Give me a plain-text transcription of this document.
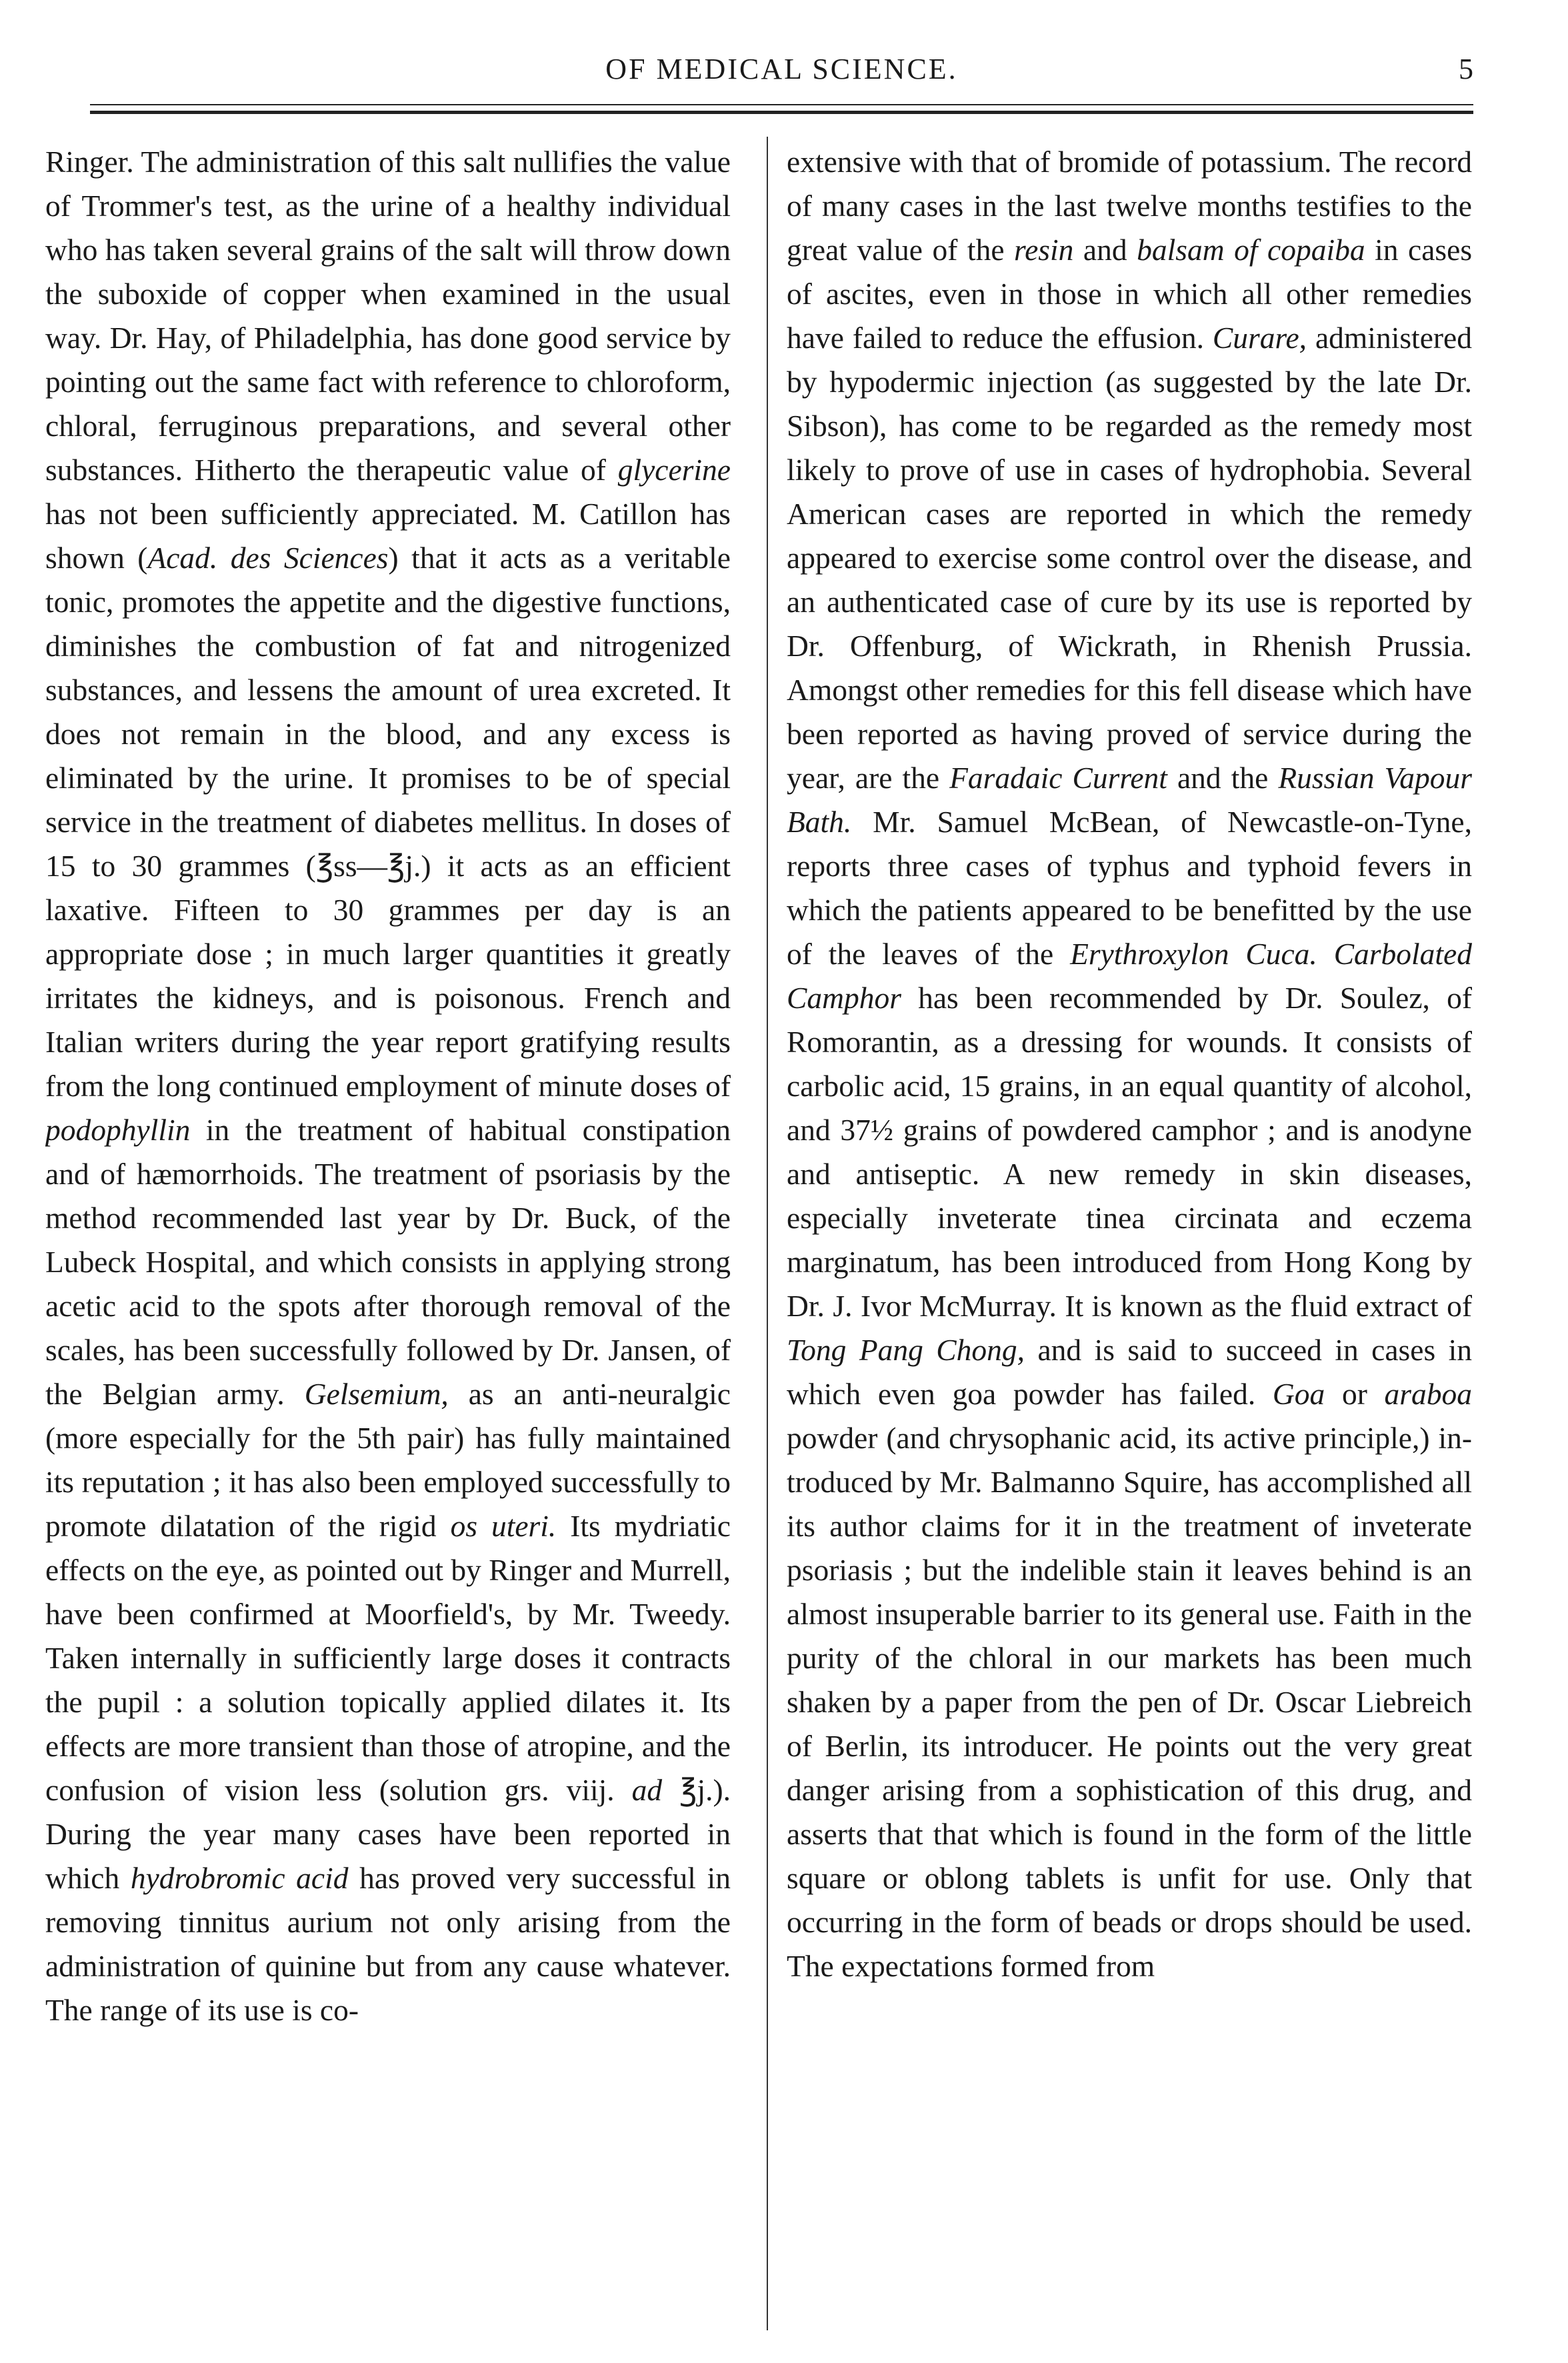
OF MEDICAL SCIENCE.	5

Ringer. The administration of this salt nullifies the value of Trommer's test, as the urine of a healthy individual who has taken several grains of the salt will throw down the suboxide of copper when examined in the usual way. Dr. Hay, of Philadelphia, has done good service by pointing out the same fact with reference to chloroform, chloral, ferruginous preparations, and several other substances. Hitherto the therapeutic value of glycerine has not been sufficiently appreciated. M. Catillon has shown (Acad. des Sciences) that it acts as a veritable tonic, promotes the appetite and the digestive functions, diminishes the combustion of fat and nitrogenized substances, and lessens the amount of urea excreted. It does not remain in the blood, and any excess is eliminated by the urine. It promises to be of special service in the treatment of diabetes mellitus. In doses of 15 to 30 grammes (℥ss—℥j.) it acts as an efficient laxative. Fifteen to 30 grammes per day is an appropriate dose ; in much larger quantities it greatly irritates the kidneys, and is poisonous. French and Italian writers during the year report gratifying results from the long continued employment of minute doses of podophyllin in the treatment of habitual constipation and of hæmorrhoids. The treatment of psoriasis by the method recommended last year by Dr. Buck, of the Lubeck Hospital, and which consists in applying strong acetic acid to the spots after thorough removal of the scales, has been successfully followed by Dr. Jansen, of the Belgian army. Gelsemium, as an anti-neuralgic (more especially for the 5th pair) has fully maintained its reputation ; it has also been employed successfully to promote dilatation of the rigid os uteri. Its mydriatic effects on the eye, as pointed out by Ringer and Murrell, have been confirmed at Moorfield's, by Mr. Tweedy. Taken internally in sufficiently large doses it contracts the pupil : a solution topically applied dilates it. Its effects are more transient than those of atropine, and the confusion of vision less (solution grs. viij. ad ℥j.). During the year many cases have been reported in which hydrobromic acid has proved very successful in removing tinnitus aurium not only arising from the administration of quinine but from any cause whatever. The range of its use is co-

extensive with that of bromide of potassium. The record of many cases in the last twelve months testifies to the great value of the resin and balsam of copaiba in cases of ascites, even in those in which all other remedies have failed to reduce the effusion. Curare, administered by hypodermic injection (as suggested by the late Dr. Sibson), has come to be regarded as the remedy most likely to prove of use in cases of hydrophobia. Several American cases are reported in which the remedy appeared to exercise some control over the disease, and an authenticated case of cure by its use is reported by Dr. Offenburg, of Wickrath, in Rhenish Prussia. Amongst other remedies for this fell disease which have been reported as having proved of service during the year, are the Faradaic Current and the Russian Vapour Bath. Mr. Samuel McBean, of Newcastle-on-Tyne, reports three cases of typhus and typhoid fevers in which the patients appeared to be benefitted by the use of the leaves of the Erythroxylon Cuca. Carbolated Camphor has been recommended by Dr. Soulez, of Romorantin, as a dressing for wounds. It consists of carbolic acid, 15 grains, in an equal quantity of alcohol, and 37½ grains of powdered camphor ; and is anodyne and antiseptic. A new remedy in skin diseases, especially inveterate tinea circinata and eczema marginatum, has been introduced from Hong Kong by Dr. J. Ivor McMurray. It is known as the fluid extract of Tong Pang Chong, and is said to succeed in cases in which even goa powder has failed. Goa or araboa powder (and chrysophanic acid, its active principle,) introduced by Mr. Balmanno Squire, has accomplished all its author claims for it in the treatment of inveterate psoriasis ; but the indelible stain it leaves behind is an almost insuperable barrier to its general use. Faith in the purity of the chloral in our markets has been much shaken by a paper from the pen of Dr. Oscar Liebreich of Berlin, its introducer. He points out the very great danger arising from a sophistication of this drug, and asserts that that which is found in the form of the little square or oblong tablets is unfit for use. Only that occurring in the form of beads or drops should be used. The expectations formed from
